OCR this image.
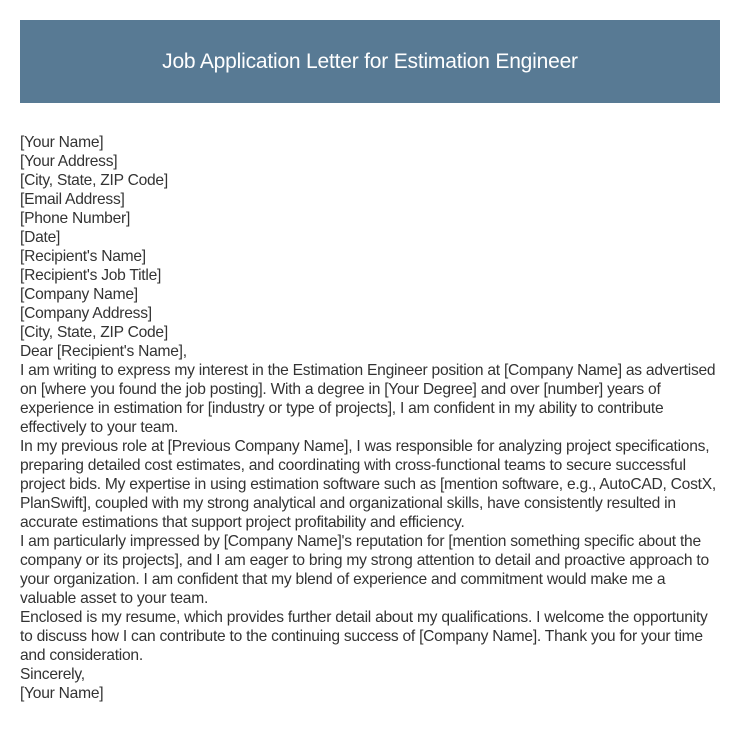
Job Application Letter for Estimation Engineer

[Your Name]

[Your Address]

[City, State, ZIP Code]

[Email Address]

[Phone Number]

[Date]

[Recipient's Name]

[Recipient's Job Title]

[Company Name]

[Company Address]

[City, State, ZIP Code]

Dear [Recipient's Name],

I am writing to express my interest in the Estimation Engineer position at [Company Name] as advertised on [where you found the job posting]. With a degree in [Your Degree] and over [number] years of experience in estimation for [industry or type of projects], I am confident in my ability to contribute effectively to your team.

In my previous role at [Previous Company Name], I was responsible for analyzing project specifications, preparing detailed cost estimates, and coordinating with cross-functional teams to secure successful project bids. My expertise in using estimation software such as [mention software, e.g., AutoCAD, CostX, PlanSwift], coupled with my strong analytical and organizational skills, have consistently resulted in accurate estimations that support project profitability and efficiency.

I am particularly impressed by [Company Name]'s reputation for [mention something specific about the company or its projects], and I am eager to bring my strong attention to detail and proactive approach to your organization. I am confident that my blend of experience and commitment would make me a valuable asset to your team.

Enclosed is my resume, which provides further detail about my qualifications. I welcome the opportunity to discuss how I can contribute to the continuing success of [Company Name]. Thank you for your time and consideration.

Sincerely,

[Your Name]
